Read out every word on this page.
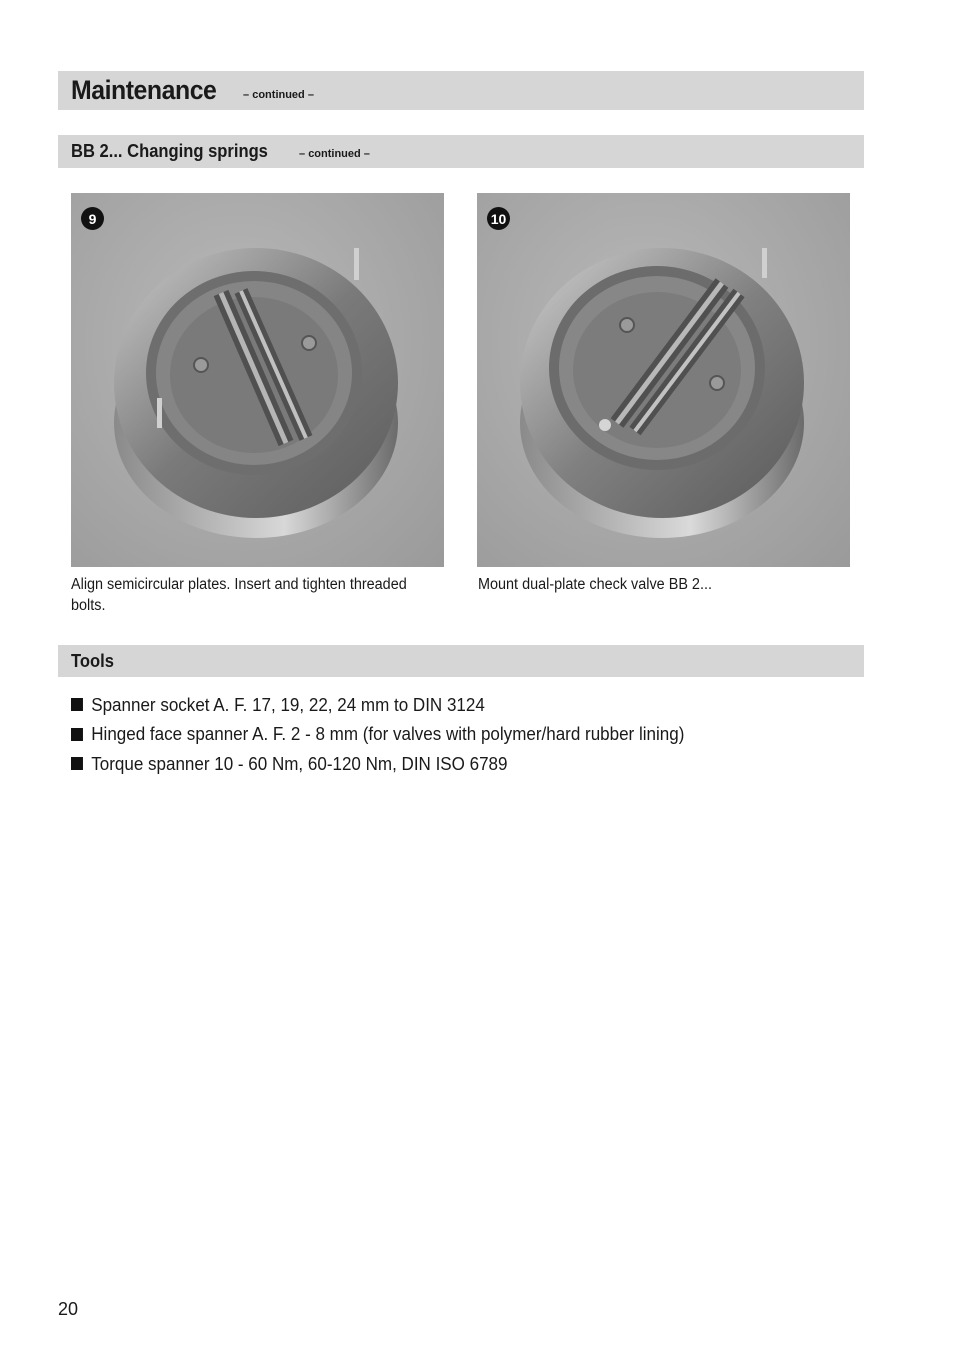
Maintenance – continued –
BB 2... Changing springs	– continued –
9
Align semicircular plates. Insert and tighten threaded bolts.
10
Mount dual-plate check valve BB 2...
Tools
Spanner socket A. F. 17, 19, 22, 24 mm to DIN 3124
Hinged face spanner A. F. 2 - 8 mm (for valves with polymer/hard rubber lining)
Torque spanner 10 - 60 Nm, 60-120 Nm, DIN ISO 6789
20
